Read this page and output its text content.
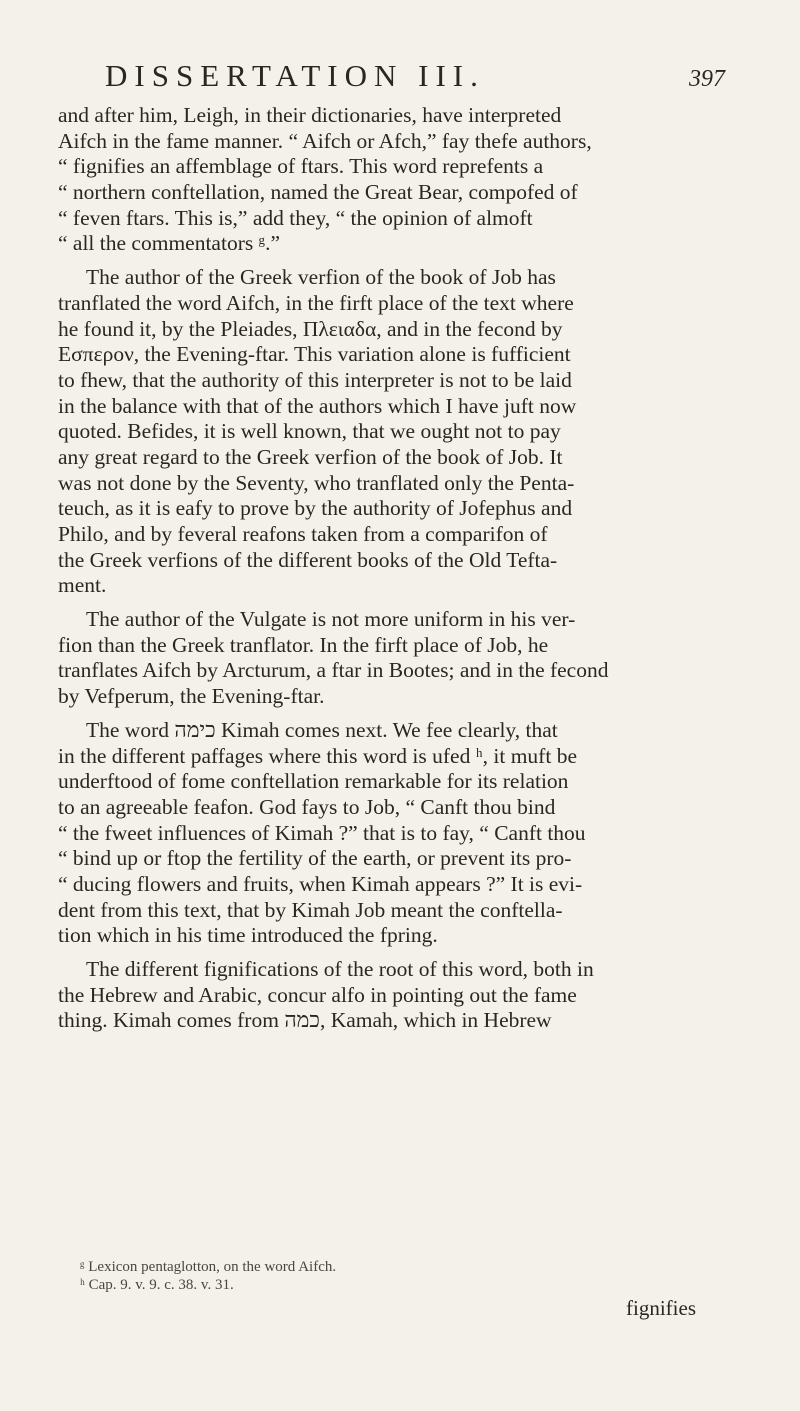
DISSERTATION III.	397
and after him, Leigh, in their dictionaries, have interpreted
Aifch in the fame manner. “ Aifch or Afch,” fay thefe authors,
“ fignifies an affemblage of ftars. This word reprefents a
“ northern conftellation, named the Great Bear, compofed of
“ feven ftars. This is,” add they, “ the opinion of almoft
“ all the commentators ᵍ.”
The author of the Greek verfion of the book of Job has
tranflated the word Aifch, in the firft place of the text where
he found it, by the Pleiades, Πλειαδα, and in the fecond by
Εσπερον, the Evening-ftar. This variation alone is fufficient
to fhew, that the authority of this interpreter is not to be laid
in the balance with that of the authors which I have juft now
quoted. Befides, it is well known, that we ought not to pay
any great regard to the Greek verfion of the book of Job. It
was not done by the Seventy, who tranflated only the Penta-
teuch, as it is eafy to prove by the authority of Jofephus and
Philo, and by feveral reafons taken from a comparifon of
the Greek verfions of the different books of the Old Tefta-
ment.
The author of the Vulgate is not more uniform in his ver-
fion than the Greek tranflator. In the firft place of Job, he
tranflates Aifch by Arcturum, a ftar in Bootes; and in the fecond
by Vefperum, the Evening-ftar.
The word כימה Kimah comes next. We fee clearly, that
in the different paffages where this word is ufed ʰ, it muft be
underftood of fome conftellation remarkable for its relation
to an agreeable feafon. God fays to Job, “ Canft thou bind
“ the fweet influences of Kimah ?” that is to fay, “ Canft thou
“ bind up or ftop the fertility of the earth, or prevent its pro-
“ ducing flowers and fruits, when Kimah appears ?” It is evi-
dent from this text, that by Kimah Job meant the conftella-
tion which in his time introduced the fpring.
The different fignifications of the root of this word, both in
the Hebrew and Arabic, concur alfo in pointing out the fame
thing. Kimah comes from כמה, Kamah, which in Hebrew
ᵍ Lexicon pentaglotton, on the word Aifch.
ʰ Cap. 9. v. 9. c. 38. v. 31.
fignifies
